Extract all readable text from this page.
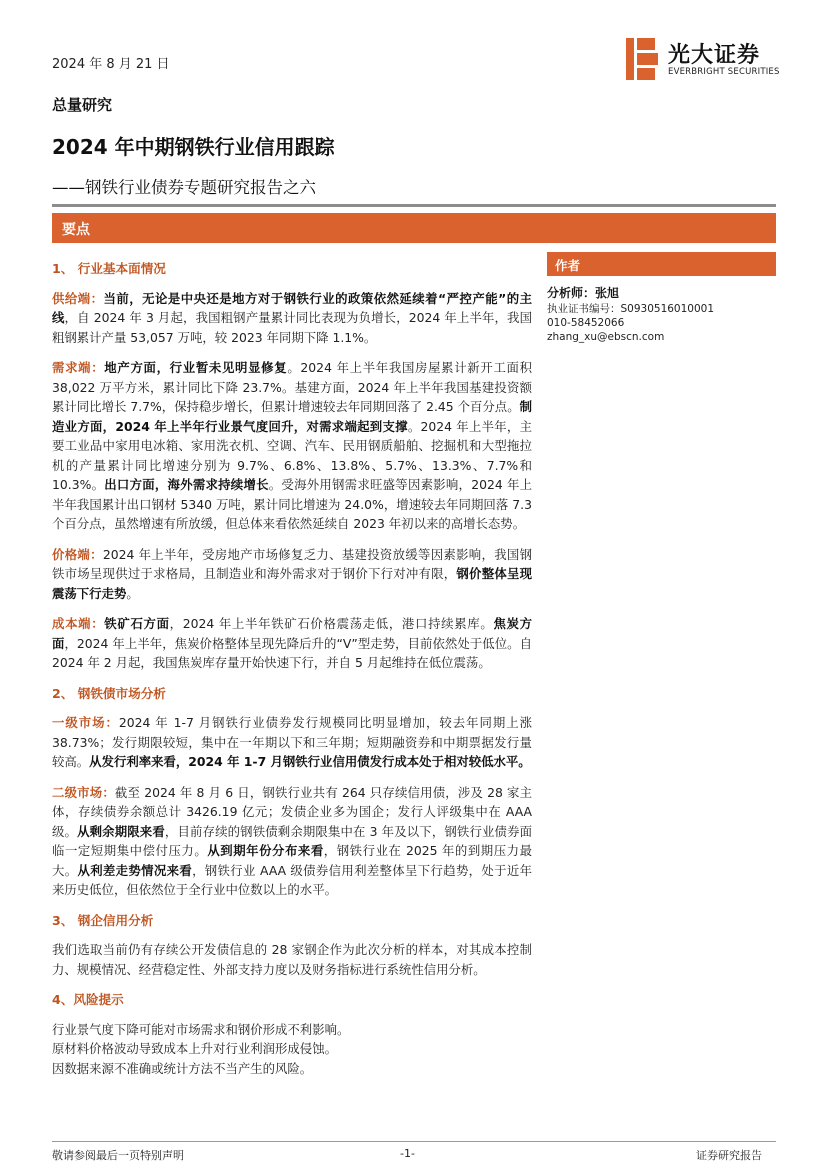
2024 年 8 月 21 日	光大证券
EVERBRIGHT SECURITIES
总量研究
2024 年中期钢铁行业信用跟踪
——钢铁行业债券专题研究报告之六
要点
1、 行业基本面情况

供给端：当前，无论是中央还是地方对于钢铁行业的政策依然延续着“严控产能”的主线，自 2024 年 3 月起，我国粗钢产量累计同比表现为负增长，2024 年上半年，我国粗钢累计产量 53,057 万吨，较 2023 年同期下降 1.1%。

需求端：地产方面，行业暂未见明显修复。2024 年上半年我国房屋累计新开工面积 38,022 万平方米，累计同比下降 23.7%。基建方面，2024 年上半年我国基建投资额累计同比增长 7.7%，保持稳步增长，但累计增速较去年同期回落了 2.45 个百分点。制造业方面，2024 年上半年行业景气度回升，对需求端起到支撑。2024 年上半年，主要工业品中家用电冰箱、家用洗衣机、空调、汽车、民用钢质船舶、挖掘机和大型拖拉机的产量累计同比增速分别为 9.7%、6.8%、13.8%、5.7%、13.3%、7.7%和 10.3%。出口方面，海外需求持续增长。受海外用钢需求旺盛等因素影响，2024 年上半年我国累计出口钢材 5340 万吨，累计同比增速为 24.0%，增速较去年同期回落 7.3 个百分点，虽然增速有所放缓，但总体来看依然延续自 2023 年初以来的高增长态势。

价格端：2024 年上半年，受房地产市场修复乏力、基建投资放缓等因素影响，我国钢铁市场呈现供过于求格局，且制造业和海外需求对于钢价下行对冲有限，钢价整体呈现震荡下行走势。

成本端：铁矿石方面，2024 年上半年铁矿石价格震荡走低，港口持续累库。焦炭方面，2024 年上半年，焦炭价格整体呈现先降后升的“V”型走势，目前依然处于低位。自 2024 年 2 月起，我国焦炭库存量开始快速下行，并自 5 月起维持在低位震荡。

2、 钢铁债市场分析

一级市场：2024 年 1-7 月钢铁行业债券发行规模同比明显增加，较去年同期上涨 38.73%；发行期限较短，集中在一年期以下和三年期；短期融资券和中期票据发行量较高。从发行利率来看，2024 年 1-7 月钢铁行业信用债发行成本处于相对较低水平。

二级市场：截至 2024 年 8 月 6 日，钢铁行业共有 264 只存续信用债，涉及 28 家主体，存续债券余额总计 3426.19 亿元；发债企业多为国企；发行人评级集中在 AAA 级。从剩余期限来看，目前存续的钢铁债剩余期限集中在 3 年及以下，钢铁行业债券面临一定短期集中偿付压力。从到期年份分布来看，钢铁行业在 2025 年的到期压力最大。从利差走势情况来看，钢铁行业 AAA 级债券信用利差整体呈下行趋势，处于近年来历史低位，但依然位于全行业中位数以上的水平。

3、 钢企信用分析

我们选取当前仍有存续公开发债信息的 28 家钢企作为此次分析的样本，对其成本控制力、规模情况、经营稳定性、外部支持力度以及财务指标进行系统性信用分析。

4、风险提示

行业景气度下降可能对市场需求和钢价形成不利影响。

原材料价格波动导致成本上升对行业利润形成侵蚀。

因数据来源不准确或统计方法不当产生的风险。

作者
分析师：张旭
执业证书编号：S0930516010001
010-58452066
zhang_xu@ebscn.com
敬请参阅最后一页特别声明	-1-	证券研究报告
